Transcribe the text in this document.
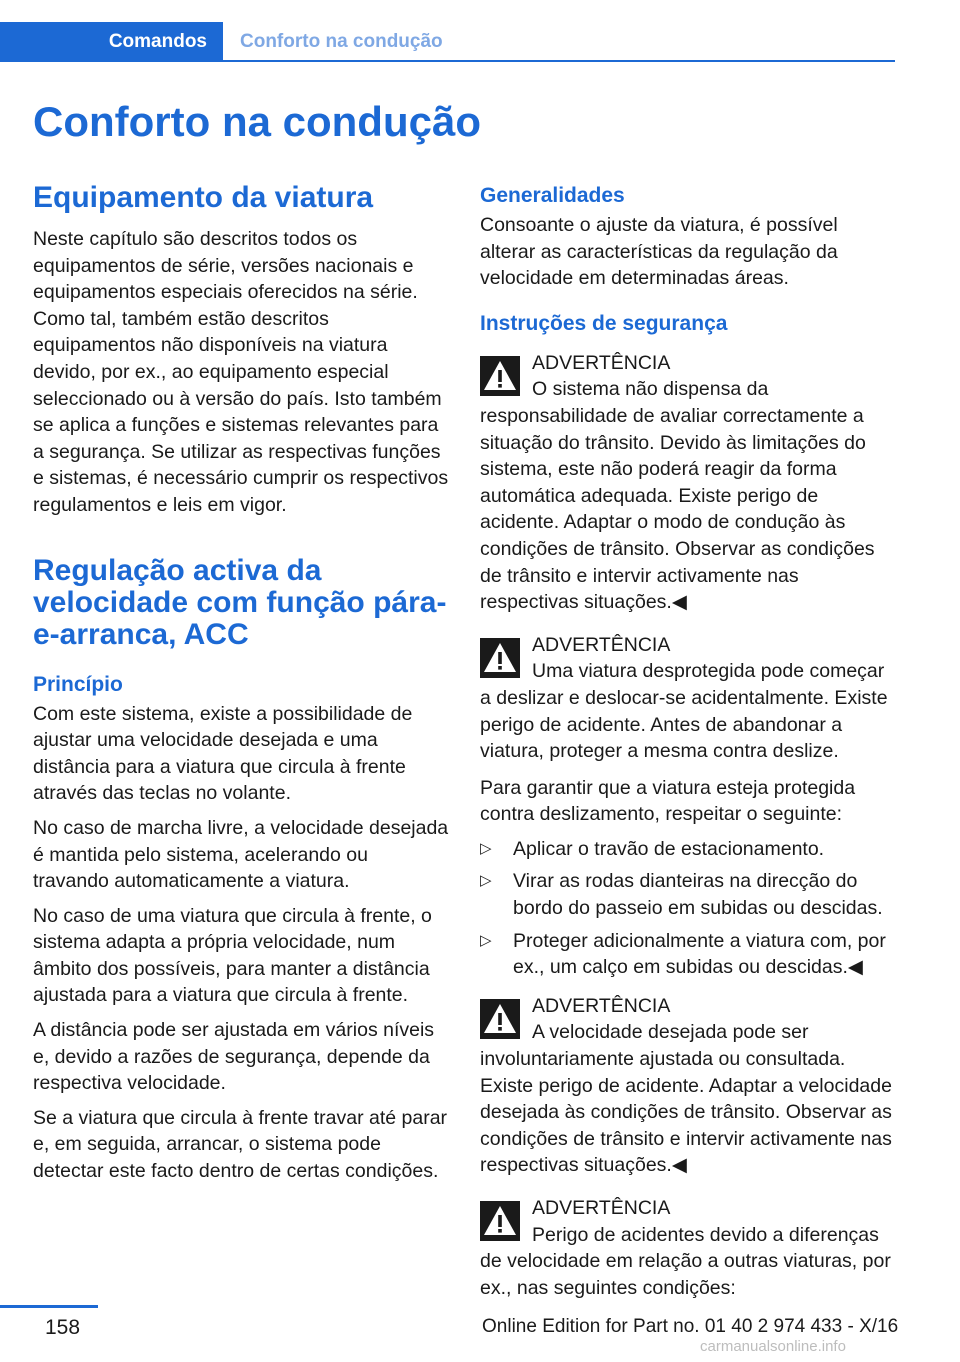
Comandos	Conforto na condução
Conforto na condução
Equipamento da viatura

Neste capítulo são descritos todos os equipamentos de série, versões nacionais e equipamentos especiais oferecidos na série. Como tal, também estão descritos equipamentos não disponíveis na viatura devido, por ex., ao equipamento especial seleccionado ou à versão do país. Isto também se aplica a funções e sistemas relevantes para a segurança. Se utilizar as respectivas funções e sistemas, é necessário cumprir os respectivos regulamentos e leis em vigor.

Regulação activa da velocidade com função pára-e-arranca, ACC
Princípio

Com este sistema, existe a possibilidade de ajustar uma velocidade desejada e uma distância para a viatura que circula à frente através das teclas no volante.

No caso de marcha livre, a velocidade desejada é mantida pelo sistema, acelerando ou travando automaticamente a viatura.

No caso de uma viatura que circula à frente, o sistema adapta a própria velocidade, num âmbito dos possíveis, para manter a distância ajustada para a viatura que circula à frente.

A distância pode ser ajustada em vários níveis e, devido a razões de segurança, depende da respectiva velocidade.

Se a viatura que circula à frente travar até parar e, em seguida, arrancar, o sistema pode detectar este facto dentro de certas condições.

Generalidades

Consoante o ajuste da viatura, é possível alterar as características da regulação da velocidade em determinadas áreas.

Instruções de segurança
ADVERTÊNCIA
O sistema não dispensa da responsabilidade de avaliar correctamente a situação do trânsito. Devido às limitações do sistema, este não poderá reagir da forma automática adequada. Existe perigo de acidente. Adaptar o modo de condução às condições de trânsito. Observar as condições de trânsito e intervir activamente nas respectivas situações.◀
ADVERTÊNCIA
Uma viatura desprotegida pode começar a deslizar e deslocar-se acidentalmente. Existe perigo de acidente. Antes de abandonar a viatura, proteger a mesma contra deslize.

Para garantir que a viatura esteja protegida contra deslizamento, respeitar o seguinte:

▷ Aplicar o travão de estacionamento.
▷ Virar as rodas dianteiras na direcção do bordo do passeio em subidas ou descidas.
▷ Proteger adicionalmente a viatura com, por ex., um calço em subidas ou descidas.◀
ADVERTÊNCIA
A velocidade desejada pode ser involuntariamente ajustada ou consultada. Existe perigo de acidente. Adaptar a velocidade desejada às condições de trânsito. Observar as condições de trânsito e intervir activamente nas respectivas situações.◀
ADVERTÊNCIA
Perigo de acidentes devido a diferenças de velocidade em relação a outras viaturas, por ex., nas seguintes condições:
158	Online Edition for Part no. 01 40 2 974 433 - X/16
carmanualsonline.info
